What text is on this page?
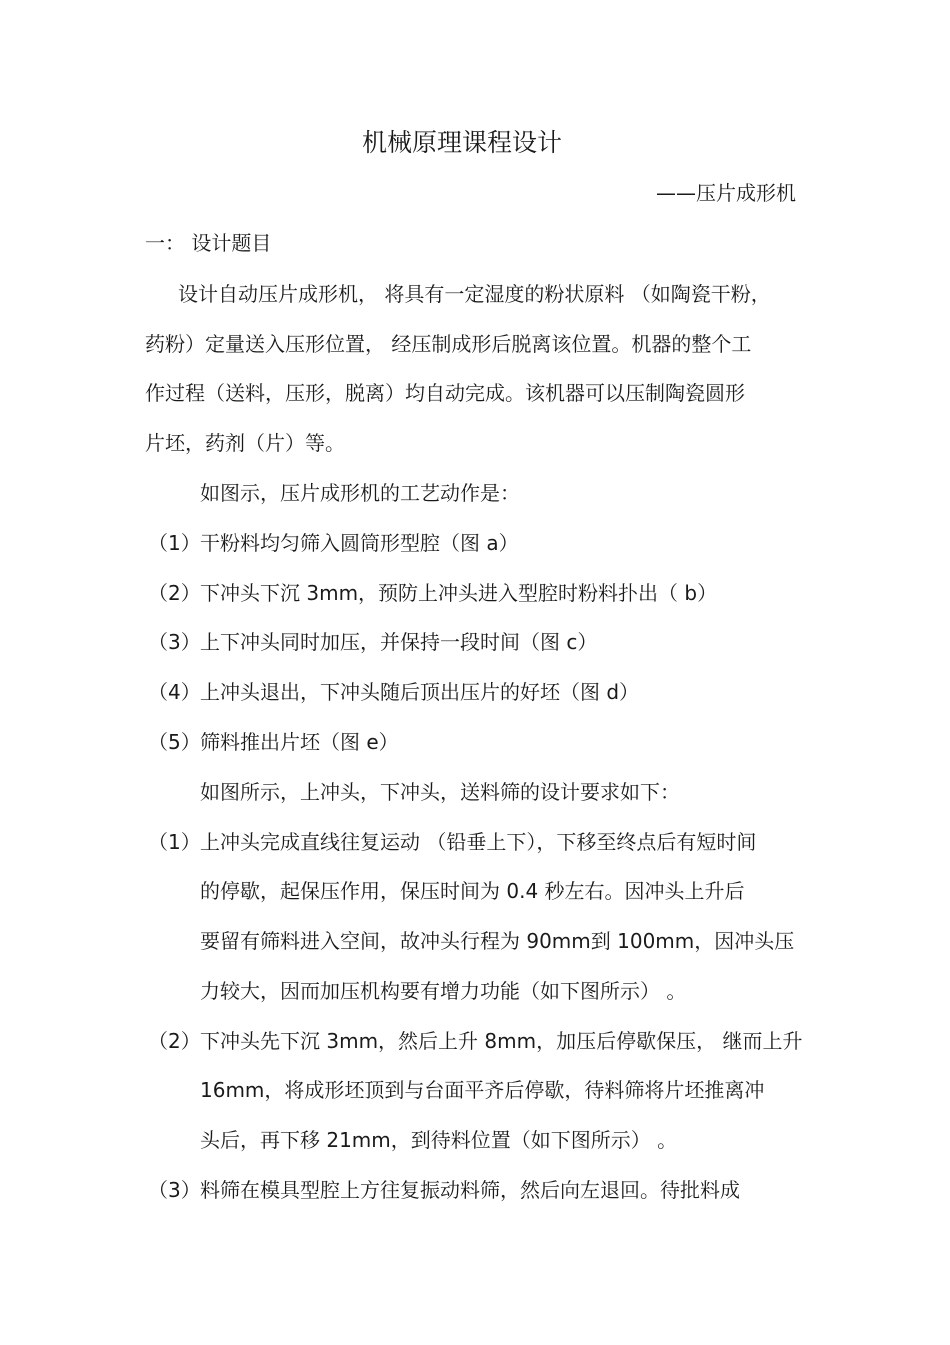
机械原理课程设计
——压片成形机
一： 设计题目
设计自动压片成形机， 将具有一定湿度的粉状原料 （如陶瓷干粉，
药粉）定量送入压形位置， 经压制成形后脱离该位置。机器的整个工
作过程（送料，压形，脱离）均自动完成。该机器可以压制陶瓷圆形
片坯，药剂（片）等。
如图示，压片成形机的工艺动作是：
（1） 干粉料均匀筛入圆筒形型腔（图 a）
（2） 下冲头下沉 3mm，预防上冲头进入型腔时粉料扑出（ b）
（3） 上下冲头同时加压，并保持一段时间（图 c）
（4） 上冲头退出，下冲头随后顶出压片的好坯（图 d）
（5） 筛料推出片坯（图 e）
如图所示，上冲头，下冲头，送料筛的设计要求如下：
（1） 上冲头完成直线往复运动 （铅垂上下），下移至终点后有短时间
的停歇，起保压作用，保压时间为 0.4 秒左右。因冲头上升后
要留有筛料进入空间，故冲头行程为 90mm到 100mm，因冲头压
力较大，因而加压机构要有增力功能（如下图所示） 。
（2） 下冲头先下沉 3mm，然后上升 8mm，加压后停歇保压， 继而上升
16mm，将成形坯顶到与台面平齐后停歇，待料筛将片坯推离冲
头后，再下移 21mm，到待料位置（如下图所示） 。
（3） 料筛在模具型腔上方往复振动料筛，然后向左退回。待批料成
